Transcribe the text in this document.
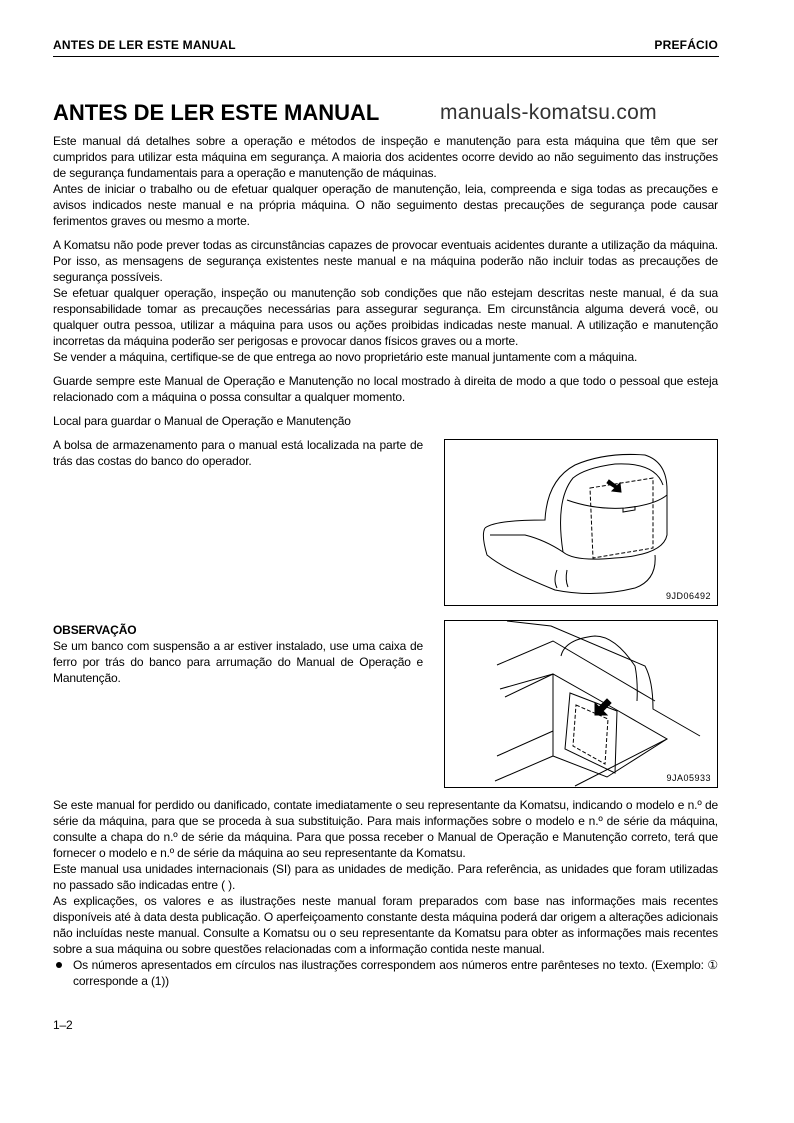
ANTES DE LER ESTE MANUAL	PREFÁCIO
ANTES DE LER ESTE MANUAL	manuals-komatsu.com

Este manual dá detalhes sobre a operação e métodos de inspeção e manutenção para esta máquina que têm que ser cumpridos para utilizar esta máquina em segurança. A maioria dos acidentes ocorre devido ao não seguimento das instruções de segurança fundamentais para a operação e manutenção de máquinas.

Antes de iniciar o trabalho ou de efetuar qualquer operação de manutenção, leia, compreenda e siga todas as precauções e avisos indicados neste manual e na própria máquina. O não seguimento destas precauções de segurança pode causar ferimentos graves ou mesmo a morte.

A Komatsu não pode prever todas as circunstâncias capazes de provocar eventuais acidentes durante a utilização da máquina. Por isso, as mensagens de segurança existentes neste manual e na máquina poderão não incluir todas as precauções de segurança possíveis.

Se efetuar qualquer operação, inspeção ou manutenção sob condições que não estejam descritas neste manual, é da sua responsabilidade tomar as precauções necessárias para assegurar segurança. Em circunstância alguma deverá você, ou qualquer outra pessoa, utilizar a máquina para usos ou ações proibidas indicadas neste manual. A utilização e manutenção incorretas da máquina poderão ser perigosas e provocar danos físicos graves ou a morte.

Se vender a máquina, certifique-se de que entrega ao novo proprietário este manual juntamente com a máquina.

Guarde sempre este Manual de Operação e Manutenção no local mostrado à direita de modo a que todo o pessoal que esteja relacionado com a máquina o possa consultar a qualquer momento.
Local para guardar o Manual de Operação e Manutenção
A bolsa de armazenamento para o manual está localizada na parte de trás das costas do banco do operador.
9JD06492
OBSERVAÇÃO
Se um banco com suspensão a ar estiver instalado, use uma caixa de ferro por trás do banco para arrumação do Manual de Operação e Manutenção.
9JA05933

Se este manual for perdido ou danificado, contate imediatamente o seu representante da Komatsu, indicando o modelo e n.º de série da máquina, para que se proceda à sua substituição. Para mais informações sobre o modelo e n.º de série da máquina, consulte a chapa do n.º de série da máquina. Para que possa receber o Manual de Operação e Manutenção correto, terá que fornecer o modelo e n.º de série da máquina ao seu representante da Komatsu.

Este manual usa unidades internacionais (SI) para as unidades de medição. Para referência, as unidades que foram utilizadas no passado são indicadas entre ( ).

As explicações, os valores e as ilustrações neste manual foram preparados com base nas informações mais recentes disponíveis até à data desta publicação. O aperfeiçoamento constante desta máquina poderá dar origem a alterações adicionais não incluídas neste manual. Consulte a Komatsu ou o seu representante da Komatsu para obter as informações mais recentes sobre a sua máquina ou sobre questões relacionadas com a informação contida neste manual.

Os números apresentados em círculos nas ilustrações correspondem aos números entre parênteses no texto. (Exemplo: ① corresponde a (1))
1–2
